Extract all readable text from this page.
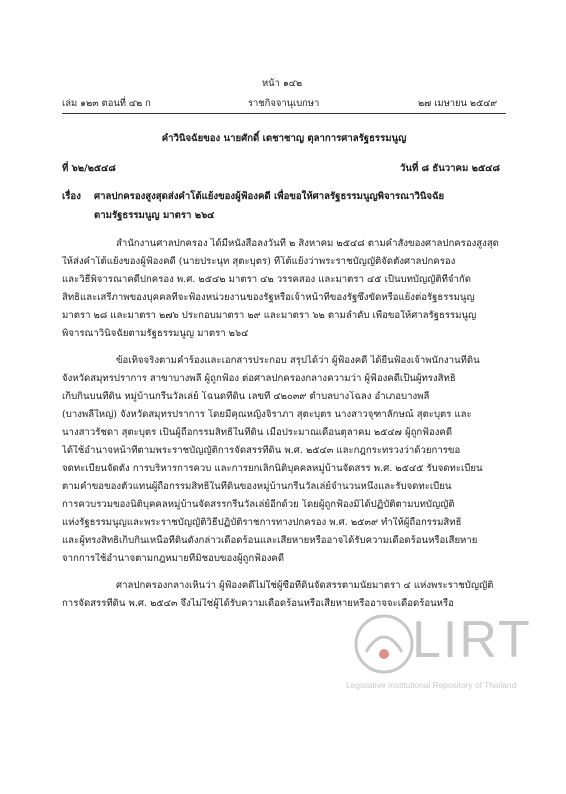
หน้า ๑๔๒
เล่ม ๑๒๓ ตอนที่ ๔๒ ก	ราชกิจจานุเบกษา	๒๗ เมษายน ๒๕๔๙
คำวินิจฉัยของ นายศักดิ์ เตชาชาญ ตุลาการศาลรัฐธรรมนูญ
ที่ ๖๒/๒๕๔๘	วันที่ ๘ ธันวาคม ๒๕๔๘
เรื่อง ศาลปกครองสูงสุดส่งคำโต้แย้งของผู้ฟ้องคดี เพื่อขอให้ศาลรัฐธรรมนูญพิจารณาวินิจฉัย
ตามรัฐธรรมนูญ มาตรา ๒๖๔
สำนักงานศาลปกครอง ได้มีหนังสือลงวันที่ ๒ สิงหาคม ๒๕๔๘ ตามคำสั่งของศาลปกครองสูงสุด
ให้ส่งคำโต้แย้งของผู้ฟ้องคดี (นายประนุท สุตะบุตร) ที่โต้แย้งว่าพระราชบัญญัติจัดตั้งศาลปกครอง
และวิธีพิจารณาคดีปกครอง พ.ศ. ๒๕๔๒ มาตรา ๔๒ วรรคสอง และมาตรา ๔๕ เป็นบทบัญญัติที่จำกัด
สิทธิและเสรีภาพของบุคคลที่จะฟ้องหน่วยงานของรัฐหรือเจ้าหน้าที่ของรัฐซึ่งขัดหรือแย้งต่อรัฐธรรมนูญ
มาตรา ๒๘ และมาตรา ๒๗๖ ประกอบมาตรา ๒๙ และมาตรา ๖๒ ตามลำดับ เพื่อขอให้ศาลรัฐธรรมนูญ
พิจารณาวินิจฉัยตามรัฐธรรมนูญ มาตรา ๒๖๔
ข้อเท็จจริงตามคำร้องและเอกสารประกอบ สรุปได้ว่า ผู้ฟ้องคดี ได้ยื่นฟ้องเจ้าพนักงานที่ดิน
จังหวัดสมุทรปราการ สาขาบางพลี ผู้ถูกฟ้อง ต่อศาลปกครองกลางความว่า ผู้ฟ้องคดีเป็นผู้ทรงสิทธิ
เก็บกินบนที่ดิน หมู่บ้านกรีนวัลเล่ย์ โฉนดที่ดิน เลขที่ ๔๒๐๓๙ ตำบลบางโฉลง อำเภอบางพลี
(บางพลีใหญ่) จังหวัดสมุทรปราการ โดยมีคุณหญิงจิราภา สุตะบุตร นางสาวจุฑาลักษณ์ สุตะบุตร และ
นางสาวรัชดา สุตะบุตร เป็นผู้ถือกรรมสิทธิ์ในที่ดิน เมื่อประมาณเดือนตุลาคม ๒๕๔๗ ผู้ถูกฟ้องคดี
ได้ใช้อำนาจหน้าที่ตามพระราชบัญญัติการจัดสรรที่ดิน พ.ศ. ๒๕๔๓ และกฎกระทรวงว่าด้วยการขอ
จดทะเบียนจัดตั้ง การบริหารการควบ และการยกเลิกนิติบุคคลหมู่บ้านจัดสรร พ.ศ. ๒๕๔๕ รับจดทะเบียน
ตามคำขอของตัวแทนผู้ถือกรรมสิทธิ์ในที่ดินของหมู่บ้านกรีนวัลเล่ย์จำนวนหนึ่งและรับจดทะเบียน
การควบรวมของนิติบุคคลหมู่บ้านจัดสรรกรีนวัลเล่ย์อีกด้วย โดยผู้ถูกฟ้องมิได้ปฏิบัติตามบทบัญญัติ
แห่งรัฐธรรมนูญและพระราชบัญญัติวิธีปฏิบัติราชการทางปกครอง พ.ศ. ๒๕๓๙ ทำให้ผู้ถือกรรมสิทธิ์
และผู้ทรงสิทธิเก็บกินเหนือที่ดินดังกล่าวเดือดร้อนและเสียหายหรืออาจได้รับความเดือดร้อนหรือเสียหาย
จากการใช้อำนาจตามกฎหมายที่มิชอบของผู้ถูกฟ้องคดี
ศาลปกครองกลางเห็นว่า ผู้ฟ้องคดีไม่ใช่ผู้ซื้อที่ดินจัดสรรตามนัยมาตรา ๔ แห่งพระราชบัญญัติ
การจัดสรรที่ดิน พ.ศ. ๒๕๔๓ จึงไม่ใช่ผู้ได้รับความเดือดร้อนหรือเสียหายหรืออาจจะเดือดร้อนหรือ
LIRT
Legislative Institutional Repository of Thailand
